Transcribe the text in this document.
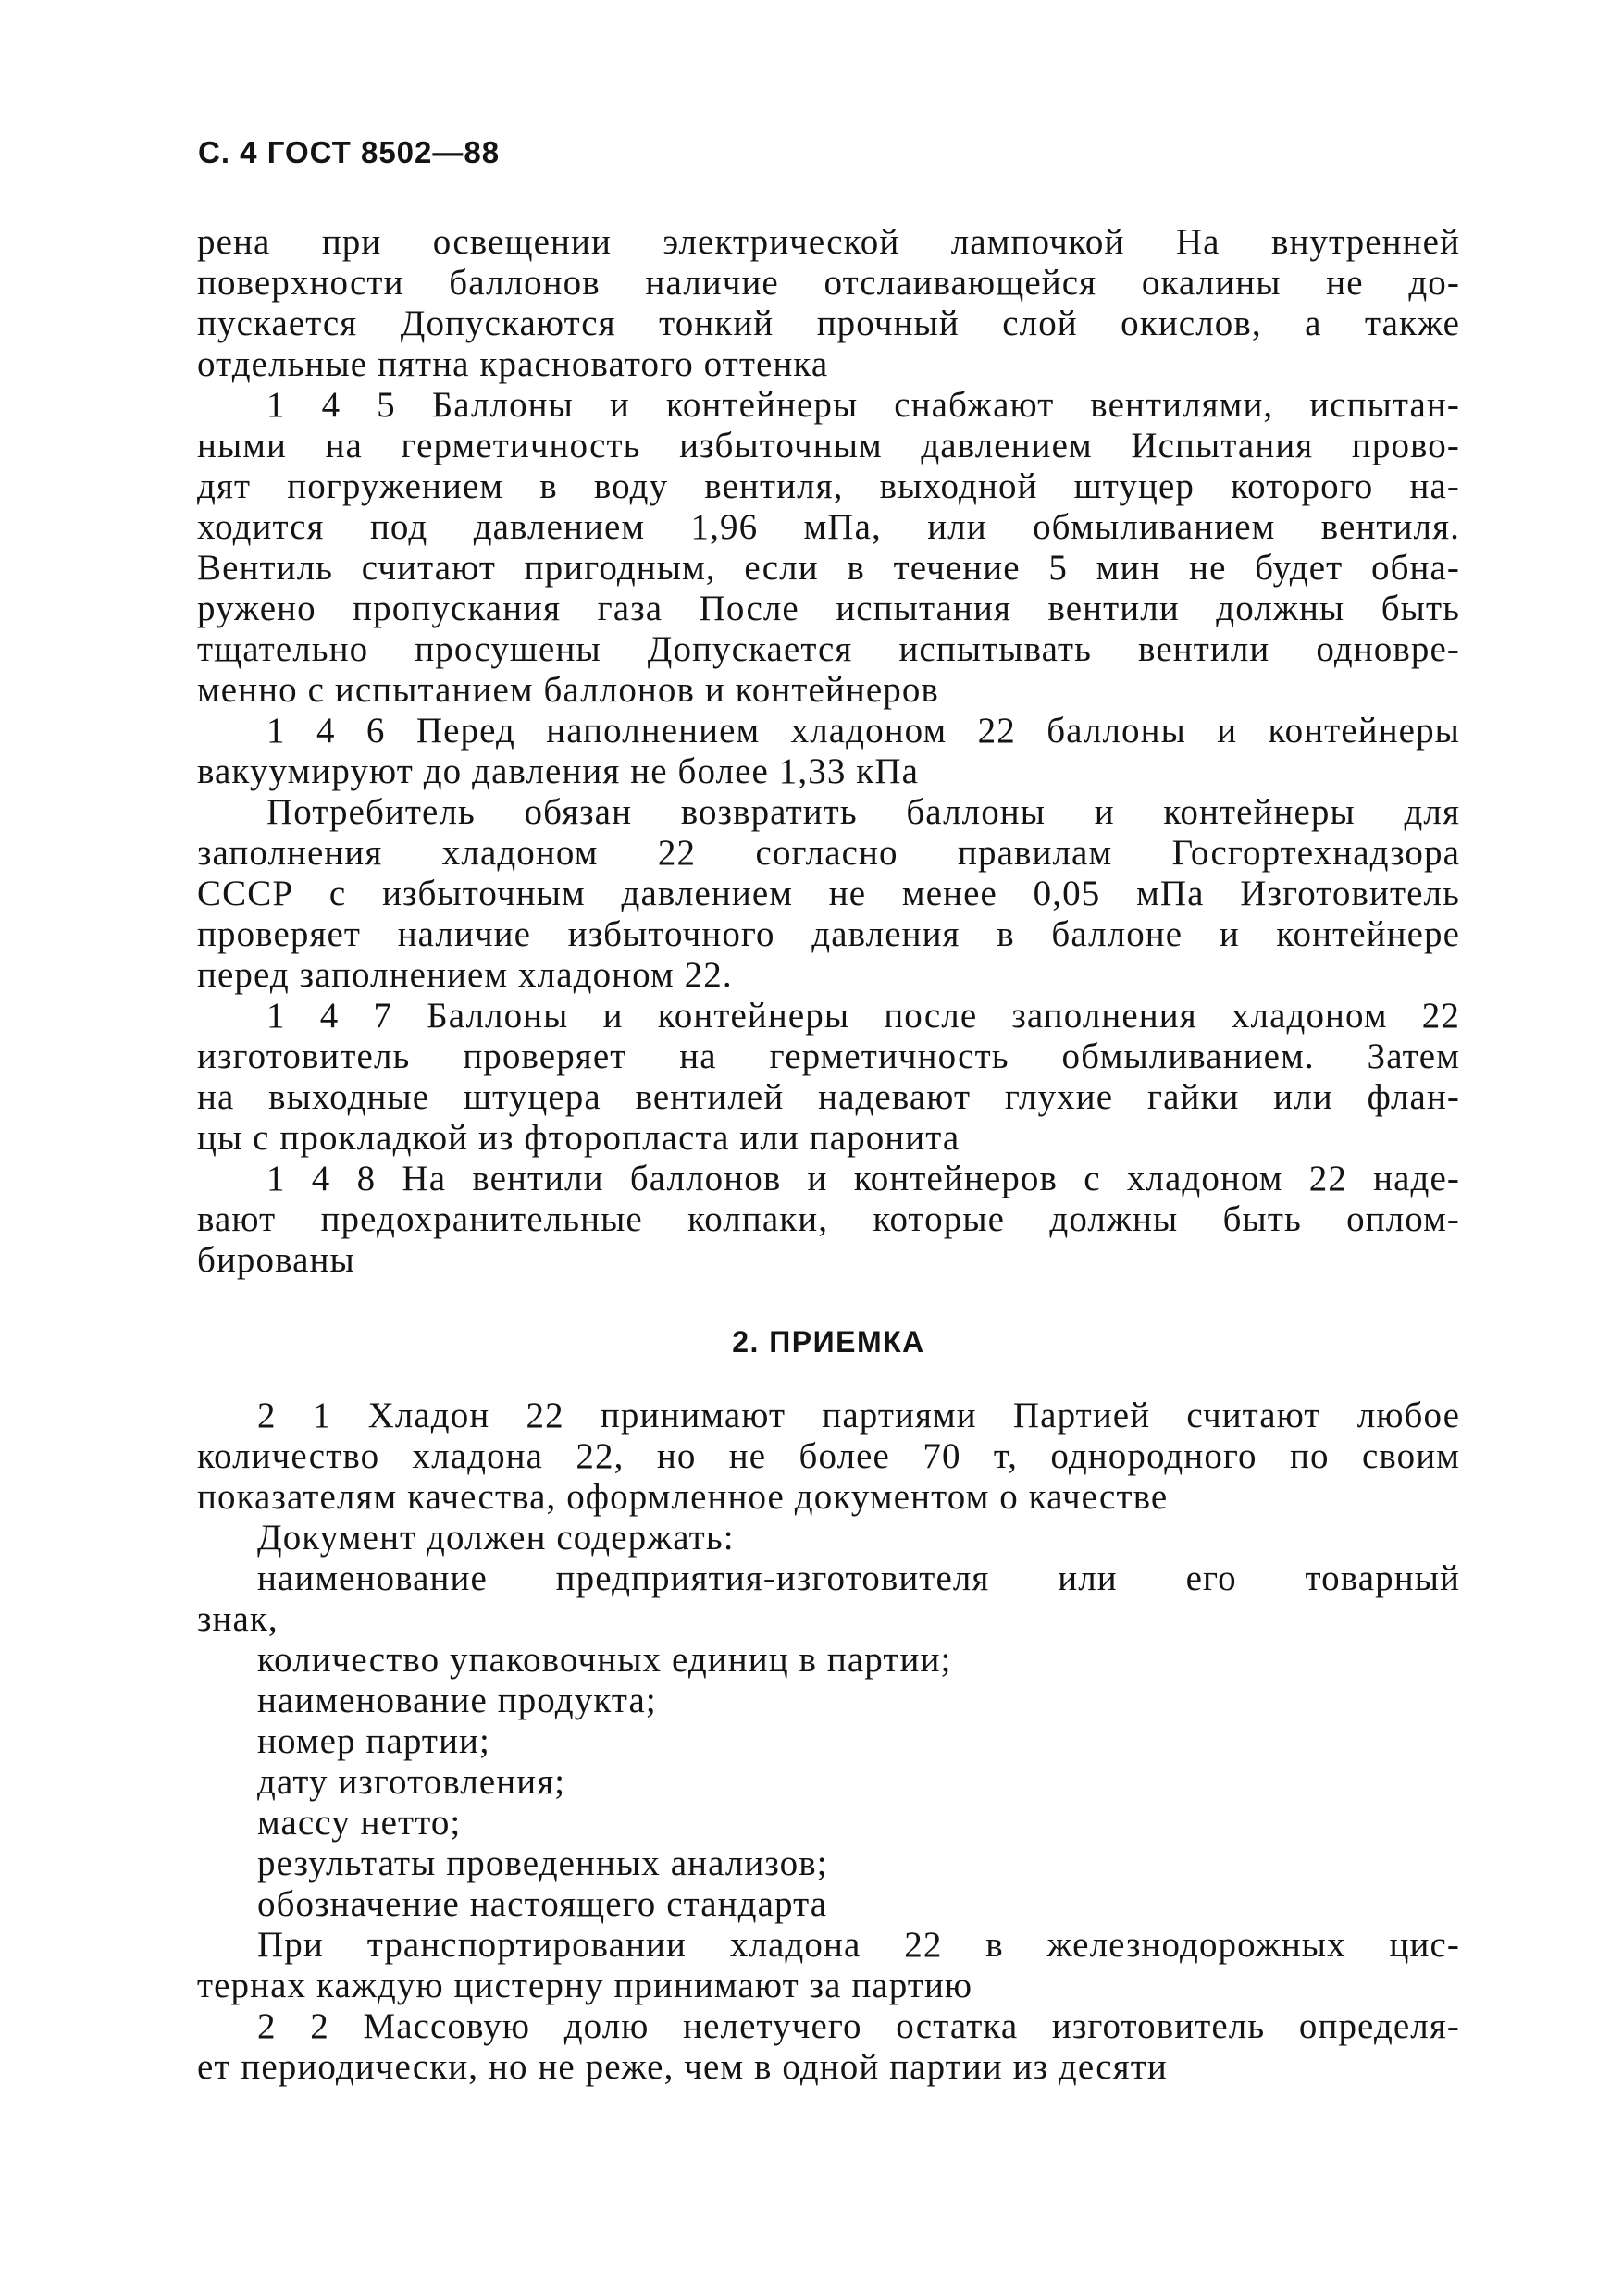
С. 4 ГОСТ 8502—88
рена при освещении электрической лампочкой На внутренней
поверхности баллонов наличие отслаивающейся окалины не до-
пускается Допускаются тонкий прочный слой окислов, а также
отдельные пятна красноватого оттенка
1 4 5 Баллоны и контейнеры снабжают вентилями, испытан-
ными на герметичность избыточным давлением Испытания прово-
дят погружением в воду вентиля, выходной штуцер которого на-
ходится под давлением 1,96 мПа, или обмыливанием вентиля.
Вентиль считают пригодным, если в течение 5 мин не будет обна-
ружено пропускания газа После испытания вентили должны быть
тщательно просушены Допускается испытывать вентили одновре-
менно с испытанием баллонов и контейнеров
1 4 6 Перед наполнением хладоном 22 баллоны и контейнеры
вакуумируют до давления не более 1,33 кПа
Потребитель обязан возвратить баллоны и контейнеры для
заполнения хладоном 22 согласно правилам Госгортехнадзора
СССР с избыточным давлением не менее 0,05 мПа Изготовитель
проверяет наличие избыточного давления в баллоне и контейнере
перед заполнением хладоном 22.
1 4 7 Баллоны и контейнеры после заполнения хладоном 22
изготовитель проверяет на герметичность обмыливанием. Затем
на выходные штуцера вентилей надевают глухие гайки или флан-
цы с прокладкой из фторопласта или паронита
1 4 8 На вентили баллонов и контейнеров с хладоном 22 наде-
вают предохранительные колпаки, которые должны быть оплом-
бированы
2. ПРИЕМКА
2 1 Хладон 22 принимают партиями Партией считают любое
количество хладона 22, но не более 70 т, однородного по своим
показателям качества, оформленное документом о качестве
Документ должен содержать:
наименование предприятия-изготовителя или его товарный
знак,
количество упаковочных единиц в партии;
наименование продукта;
номер партии;
дату изготовления;
массу нетто;
результаты проведенных анализов;
обозначение настоящего стандарта
При транспортировании хладона 22 в железнодорожных цис-
тернах каждую цистерну принимают за партию
2 2 Массовую долю нелетучего остатка изготовитель определя-
ет периодически, но не реже, чем в одной партии из десяти
